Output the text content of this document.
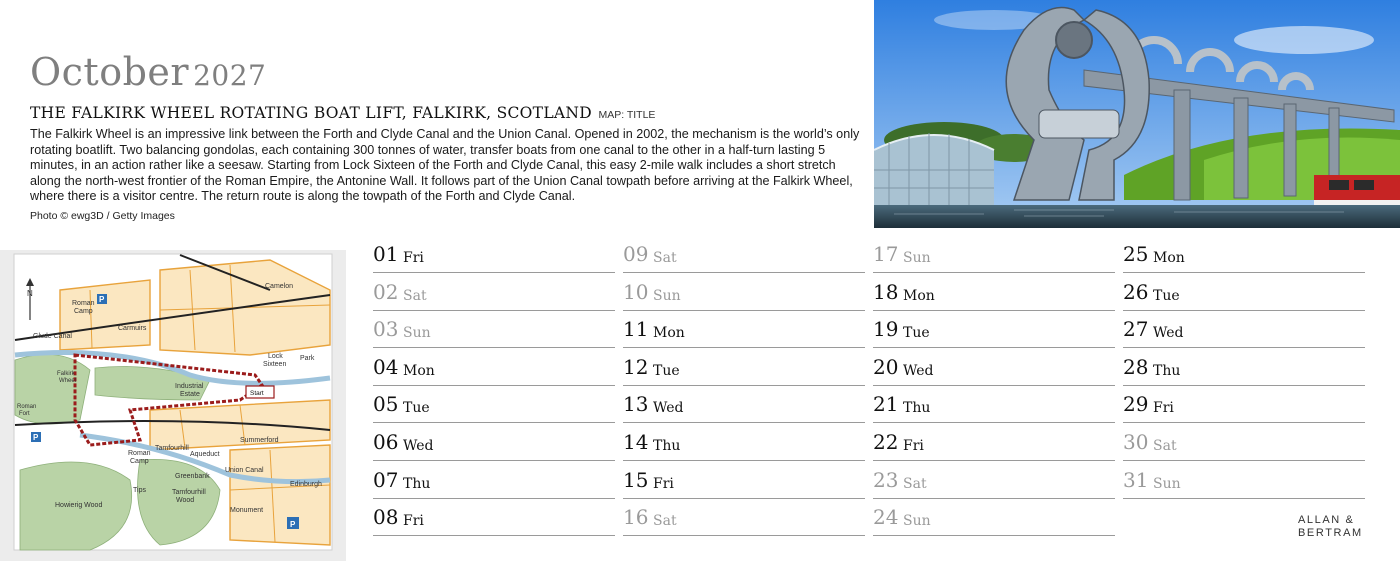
October 2027
THE FALKIRK WHEEL ROTATING BOAT LIFT, FALKIRK, SCOTLAND MAP: TITLE

The Falkirk Wheel is an impressive link between the Forth and Clyde Canal and the Union Canal. Opened in 2002, the mechanism is the world’s only rotating boatlift. Two balancing gondolas, each containing 300 tonnes of water, transfer boats from one canal to the other in a half-turn lasting 5 minutes, in an action rather like a seesaw. Starting from Lock Sixteen of the Forth and Clyde Canal, this easy 2-mile walk includes a short stretch along the north-west frontier of the Roman Empire, the Antonine Wall. It follows part of the Union Canal towpath before arriving at the Falkirk Wheel, where there is a visitor centre. The return route is along the towpath of the Forth and Clyde Canal.

Photo © ewg3D / Getty Images
N
Roman
Camp
Camelon
Glude Canal
Carmuirs
Lock
Sixteen
Park
Industrial
Estate
Falkirk
Wheel
Start
Roman
Fort
Summerford
Roman
Camp
Tamfourhill
Aqueduct
Greenbank
Union Canal
Edinburgh
Tips	Tamfourhill
Wood
Howierig Wood
Monument
P
P
P
01 Fri
02 Sat
03 Sun
04 Mon
05 Tue
06 Wed
07 Thu
08 Fri
09 Sat
10 Sun
11 Mon
12 Tue
13 Wed
14 Thu
15 Fri
16 Sat
17 Sun
18 Mon
19 Tue
20 Wed
21 Thu
22 Fri
23 Sat
24 Sun
25 Mon
26 Tue
27 Wed
28 Thu
29 Fri
30 Sat
31 Sun
ALLAN &
BERTRAM
